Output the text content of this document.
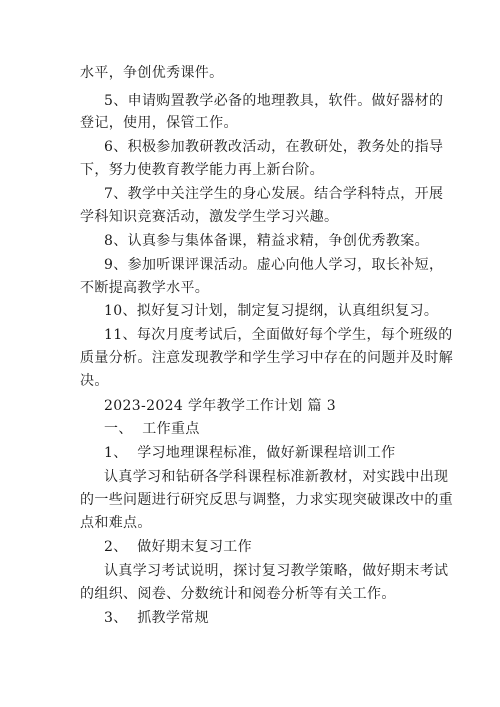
水平，争创优秀课件。
5、申请购置教学必备的地理教具，软件。做好器材的
登记，使用，保管工作。
6、积极参加教研教改活动，在教研处，教务处的指导
下，努力使教育教学能力再上新台阶。
7、教学中关注学生的身心发展。结合学科特点，开展
学科知识竞赛活动，激发学生学习兴趣。
8、认真参与集体备课，精益求精，争创优秀教案。
9、参加听课评课活动。虚心向他人学习，取长补短，
不断提高教学水平。
10、拟好复习计划，制定复习提纲，认真组织复习。
11、每次月度考试后，全面做好每个学生，每个班级的
质量分析。注意发现教学和学生学习中存在的问题并及时解
决。
2023-2024 学年教学工作计划 篇 3
一、  工作重点
1、  学习地理课程标准，做好新课程培训工作
认真学习和钻研各学科课程标准新教材，对实践中出现
的一些问题进行研究反思与调整，力求实现突破课改中的重
点和难点。
2、  做好期末复习工作
认真学习考试说明，探讨复习教学策略，做好期末考试
的组织、阅卷、分数统计和阅卷分析等有关工作。
3、  抓教学常规
